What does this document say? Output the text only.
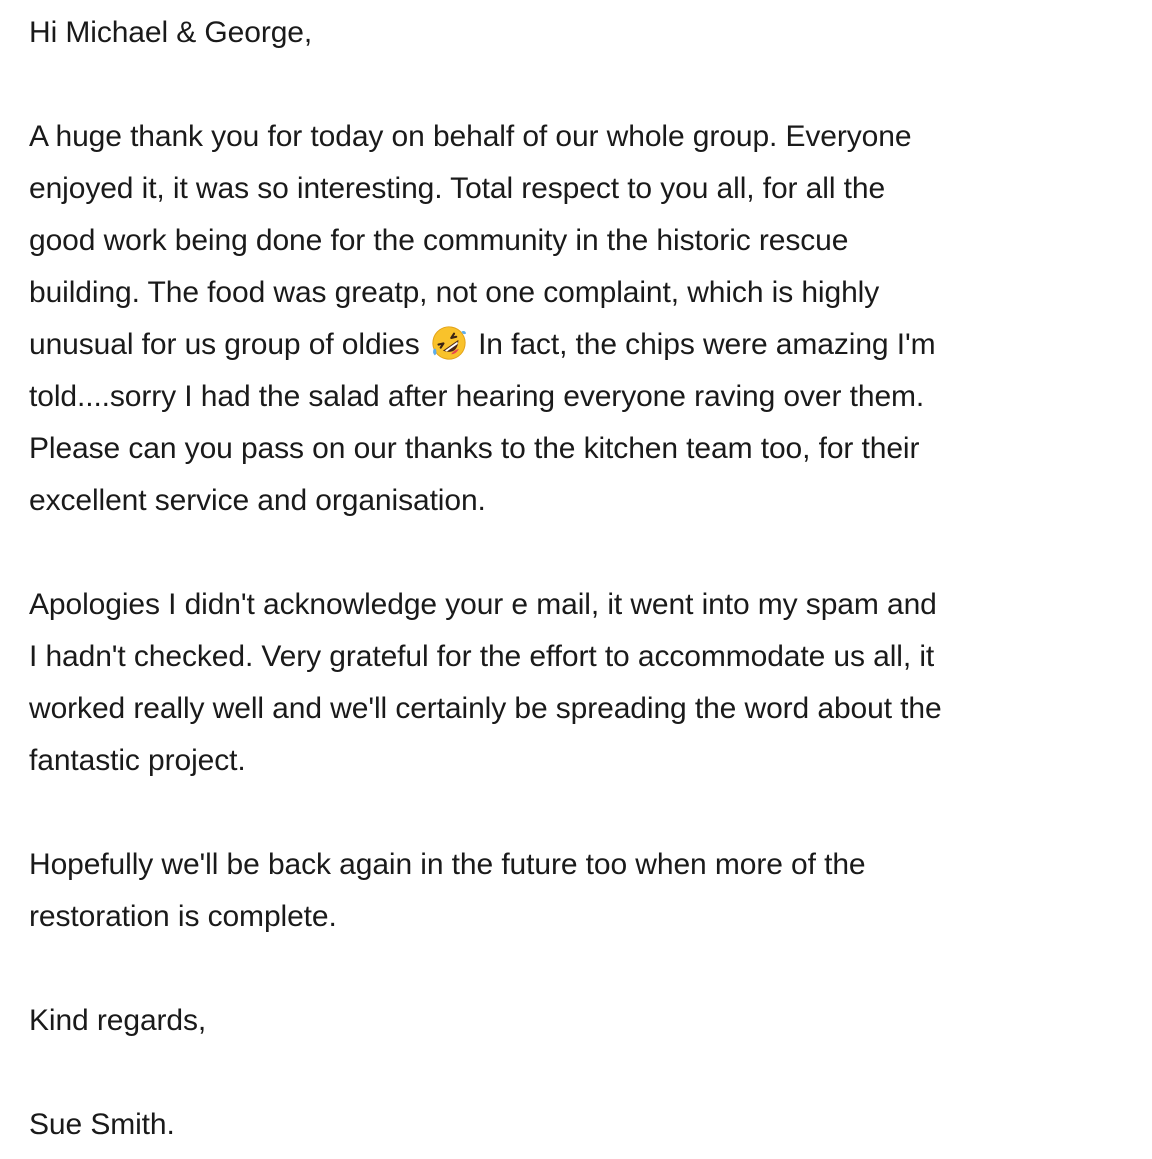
Hi Michael & George,
A huge thank you for today on behalf of our whole group. Everyone
enjoyed it, it was so interesting. Total respect to you all, for all the
good work being done for the community in the historic rescue
building. The food was greatp, not one complaint, which is highly
unusual for us group of oldies
In fact, the chips were amazing I'm
told....sorry I had the salad after hearing everyone raving over them.
Please can you pass on our thanks to the kitchen team too, for their
excellent service and organisation.
Apologies I didn't acknowledge your e mail, it went into my spam and
I hadn't checked. Very grateful for the effort to accommodate us all, it
worked really well and we'll certainly be spreading the word about the
fantastic project.
Hopefully we'll be back again in the future too when more of the
restoration is complete.
Kind regards,
Sue Smith.
